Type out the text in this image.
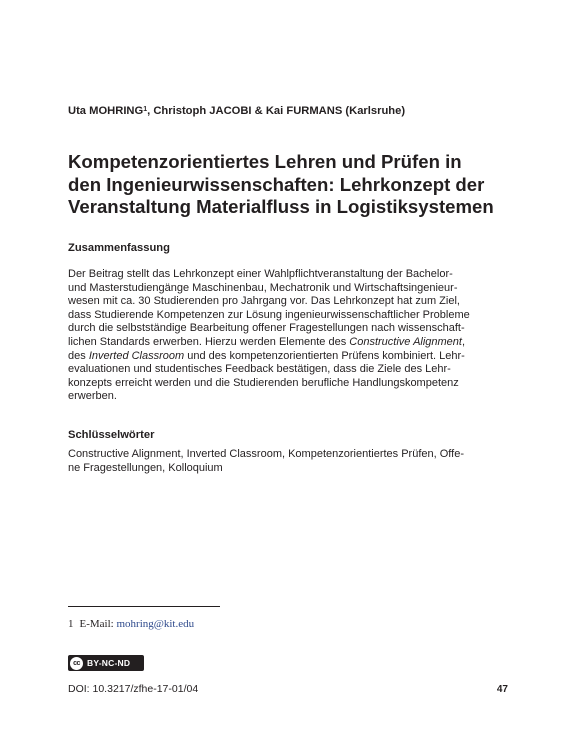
Uta MOHRING$^1$, Christoph JACOBI & Kai FURMANS (Karlsruhe)
Kompetenzorientiertes Lehren und Prüfen in
den Ingenieurwissenschaften: Lehrkonzept der
Veranstaltung Materialfluss in Logistiksystemen
Zusammenfassung
Der Beitrag stellt das Lehrkonzept einer Wahlpflichtveranstaltung der Bachelor-
und Masterstudiengänge Maschinenbau, Mechatronik und Wirtschaftsingenieur-
wesen mit ca. 30 Studierenden pro Jahrgang vor. Das Lehrkonzept hat zum Ziel,
dass Studierende Kompetenzen zur Lösung ingenieurwissenschaftlicher Probleme
durch die selbstständige Bearbeitung offener Fragestellungen nach wissenschaft-
lichen Standards erwerben. Hierzu werden Elemente des Constructive Alignment,
des Inverted Classroom und des kompetenzorientierten Prüfens kombiniert. Lehr-
evaluationen und studentisches Feedback bestätigen, dass die Ziele des Lehr-
konzepts erreicht werden und die Studierenden berufliche Handlungskompetenz
erwerben.
Schlüsselwörter
Constructive Alignment, Inverted Classroom, Kompetenzorientiertes Prüfen, Offe-
ne Fragestellungen, Kolloquium
1 E-Mail: mohring@kit.edu
cc BY-NC-ND
DOI: 10.3217/zfhe-17-01/04	47
